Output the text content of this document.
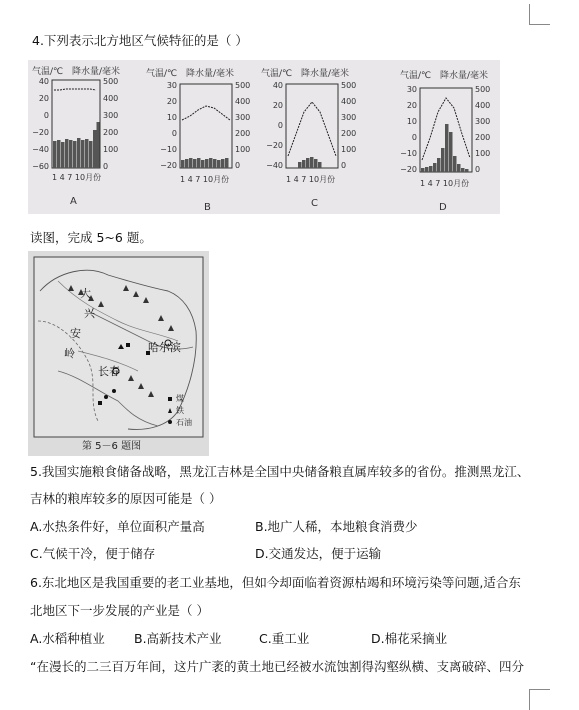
4.下列表示北方地区气候特征的是（ ）
气温/℃ 降水量/毫米
40
20
0
−20
−40
−60
500
400
300
200
100
0
1 4 7 10月份
A
气温/℃ 降水量/毫米
30
20
10
0
−10
−20
500
400
300
200
100
0
1 4 7 10月份
B
气温/℃ 降水量/毫米
40
20
0
−20
−40
500
400
300
200
100
0
1 4 7 10月份
C
气温/℃ 降水量/毫米
30
20
10
0
−10
−20
500
400
300
200
100
0
1 4 7 10月份
D
读图，完成 5~6 题。
大
兴
安
岭	哈尔滨
长春
煤
铁
石油
第 5－6 题图
5.我国实施粮食储备战略，黑龙江吉林是全国中央储备粮直属库较多的省份。推测黑龙江、
吉林的粮库较多的原因可能是（ ）
A.水热条件好，单位面积产量高	B.地广人稀，本地粮食消费少
C.气候干冷，便于储存	D.交通发达，便于运输
6.东北地区是我国重要的老工业基地，但如今却面临着资源枯竭和环境污染等问题,适合东
北地区下一步发展的产业是（ ）
A.水稻种植业 B.高新技术产业	C.重工业	D.棉花采摘业
“在漫长的二三百万年间，这片广袤的黄土地已经被水流蚀割得沟壑纵横、支离破碎、四分
